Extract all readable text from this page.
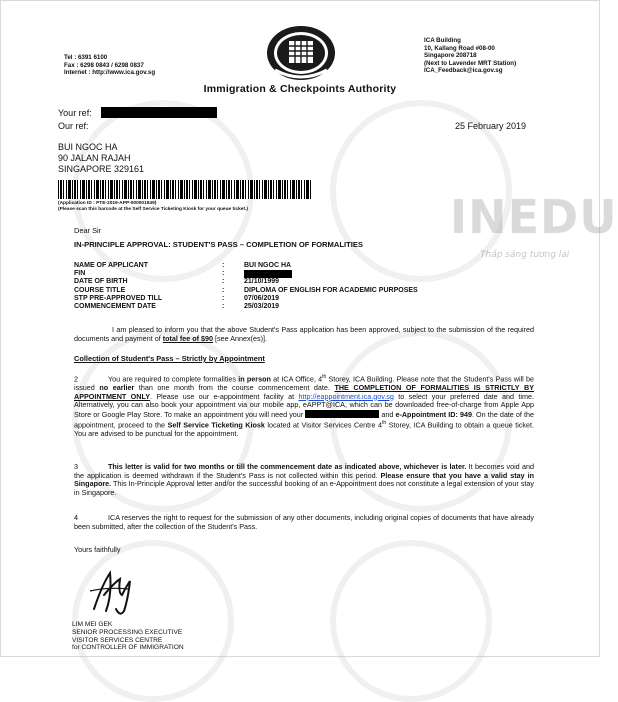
INEDU
Thắp sáng tương lai
Tel : 6391 6100
Fax : 6298 0843 / 6298 0837
Internet : http://www.ica.gov.sg
ICA Building
10, Kallang Road #08-00
Singapore 208718
(Next to Lavender MRT Station)
ICA_Feedback@ica.gov.sg
Immigration & Checkpoints Authority
Your ref:
Our ref:	25 February 2019
BUI NGOC HA
90 JALAN RAJAH
SINGAPORE 329161
(Application ID : PTE-2019-APP-000001949)
(Please scan this barcode at the Self Service Ticketing Kiosk for your queue ticket.)
Dear Sir
IN-PRINCIPLE APPROVAL: STUDENT'S PASS – COMPLETION OF FORMALITIES
NAME OF APPLICANT	:	BUI NGOC HA
FIN	:
DATE OF BIRTH	:	21/10/1999
COURSE TITLE	:	DIPLOMA OF ENGLISH FOR ACADEMIC PURPOSES
STP PRE-APPROVED TILL	:	07/06/2019
COMMENCEMENT DATE	:	25/03/2019
I am pleased to inform you that the above Student's Pass application has been approved, subject to the submission of the required documents and payment of total fee of $90 [see Annex(es)].
Collection of Student's Pass – Strictly by Appointment
2	You are required to complete formalities in person at ICA Office, 4th Storey, ICA Building. Please note that the Student's Pass will be issued no earlier than one month from the course commencement date. THE COMPLETION OF FORMALITIES IS STRICTLY BY APPOINTMENT ONLY. Please use our e-appointment facility at http://eappointment.ica.gov.sg to select your preferred date and time. Alternatively, you can also book your appointment via our mobile app, eAPPT@ICA, which can be downloaded free-of-charge from Apple App Store or Google Play Store. To make an appointment you will need your	and e-Appointment ID: 949. On the date of the appointment, proceed to the Self Service Ticketing Kiosk located at Visitor Services Centre 4th Storey, ICA Building to obtain a queue ticket. You are advised to be punctual for the appointment.
3	This letter is valid for two months or till the commencement date as indicated above, whichever is later. It becomes void and the application is deemed withdrawn if the Student's Pass is not collected within this period. Please ensure that you have a valid stay in Singapore. This In-Principle Approval letter and/or the successful booking of an e-Appointment does not constitute a legal extension of your stay in Singapore.
4	ICA reserves the right to request for the submission of any other documents, including original copies of documents that have already been submitted, after the collection of the Student's Pass.
Yours faithfully
LIM MEI GEK
SENIOR PROCESSING EXECUTIVE
VISITOR SERVICES CENTRE
for CONTROLLER OF IMMIGRATION
